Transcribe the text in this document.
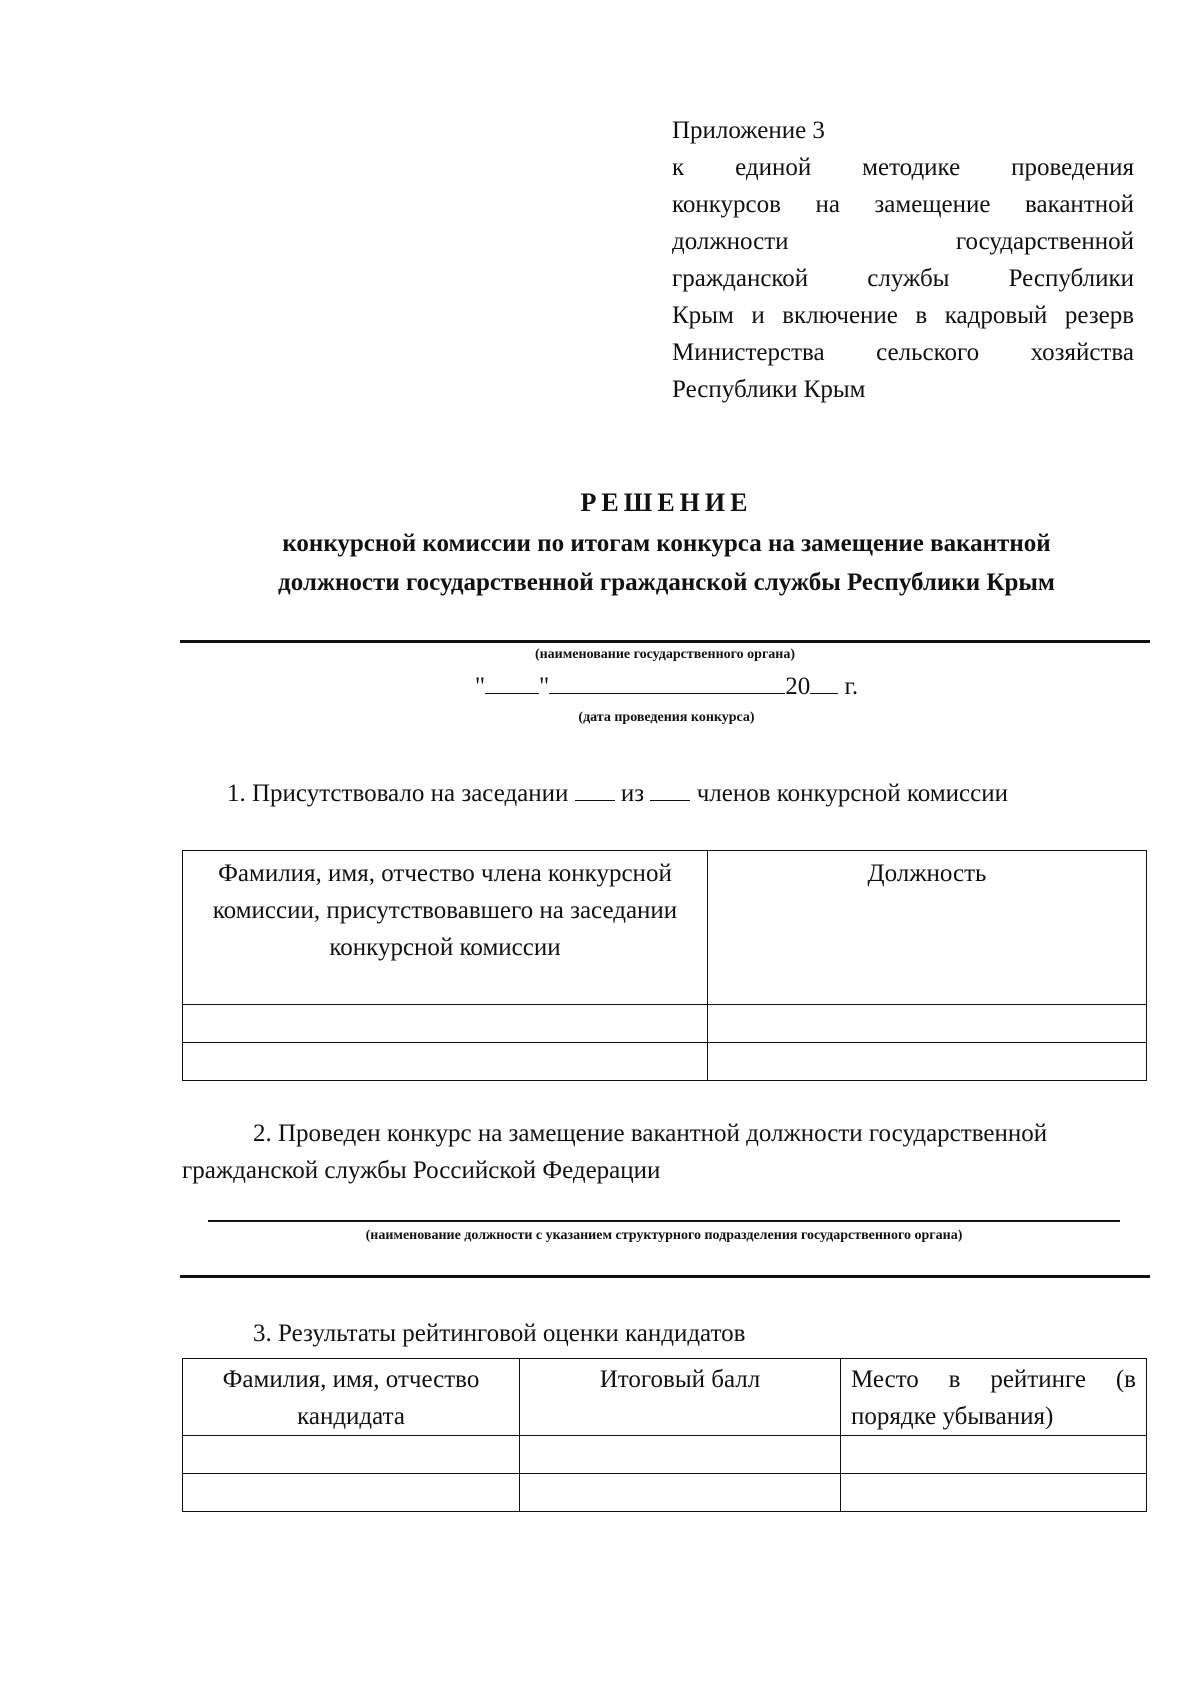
Приложение 3
к единой методике проведения
конкурсов на замещение вакантной
должности государственной
гражданской службы Республики
Крым и включение в кадровый резерв
Министерства сельского хозяйства
Республики Крым
РЕШЕНИЕ
конкурсной комиссии по итогам конкурса на замещение вакантной
должности государственной гражданской службы Республики Крым
(наименование государственного органа)
" "	20 г.
(дата проведения конкурса)
1. Присутствовало на заседании из членов конкурсной комиссии
Фамилия, имя, отчество члена конкурсной комиссии, присутствовавшего на заседании конкурсной комиссии	Должность

2. Проведен конкурс на замещение вакантной должности государственной
гражданской службы Российской Федерации
(наименование должности с указанием структурного подразделения государственного органа)
3. Результаты рейтинговой оценки кандидатов
Фамилия, имя, отчество кандидата	Итоговый балл	Место в рейтинге (в порядке убывания)
